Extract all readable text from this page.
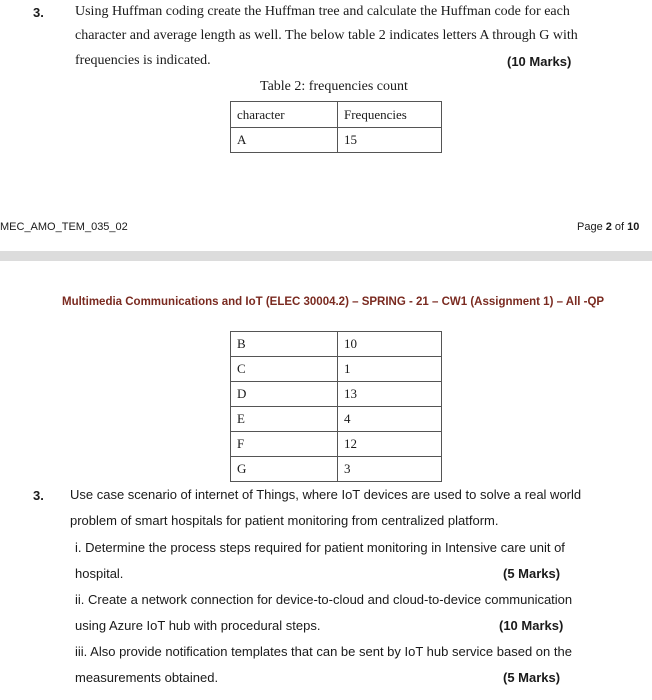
3. Using Huffman coding create the Huffman tree and calculate the Huffman code for each
character and average length as well. The below table 2 indicates letters A through G with
frequencies is indicated.	(10 Marks)
Table 2: frequencies count
character	Frequencies
A	15
MEC_AMO_TEM_035_02	Page 2 of 10
Multimedia Communications and IoT (ELEC 30004.2) – SPRING - 21 – CW1 (Assignment 1) – All -QP
B	10
C	1
D	13
E	4
F	12
G	3
3. Use case scenario of internet of Things, where IoT devices are used to solve a real world
problem of smart hospitals for patient monitoring from centralized platform.
i. Determine the process steps required for patient monitoring in Intensive care unit of
hospital.	(5 Marks)
ii. Create a network connection for device-to-cloud and cloud-to-device communication
using Azure IoT hub with procedural steps.	(10 Marks)
iii. Also provide notification templates that can be sent by IoT hub service based on the
measurements obtained.	(5 Marks)
